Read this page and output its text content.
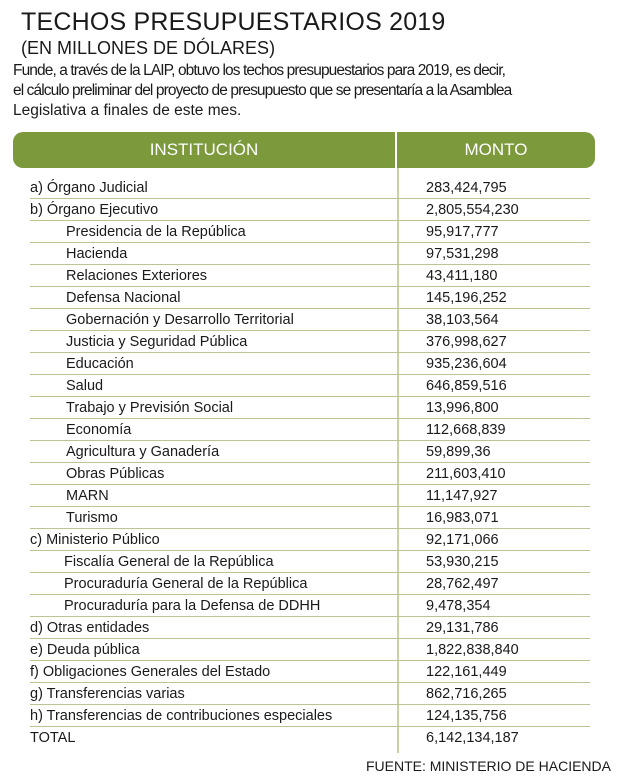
TECHOS PRESUPUESTARIOS 2019
(EN MILLONES DE DÓLARES)
Funde, a través de la LAIP, obtuvo los techos presupuestarios para 2019, es decir,
el cálculo preliminar del proyecto de presupuesto que se presentaría a la Asamblea
Legislativa a finales de este mes.
INSTITUCIÓN	MONTO
a) Órgano Judicial	283,424,795
b) Órgano Ejecutivo	2,805,554,230
Presidencia de la República	95,917,777
Hacienda	97,531,298
Relaciones Exteriores	43,411,180
Defensa Nacional	145,196,252
Gobernación y Desarrollo Territorial	38,103,564
Justicia y Seguridad Pública	376,998,627
Educación	935,236,604
Salud	646,859,516
Trabajo y Previsión Social	13,996,800
Economía	112,668,839
Agricultura y Ganadería	59,899,36
Obras Públicas	211,603,410
MARN	11,147,927
Turismo	16,983,071
c) Ministerio Público	92,171,066
Fiscalía General de la República	53,930,215
Procuraduría General de la República	28,762,497
Procuraduría para la Defensa de DDHH	9,478,354
d) Otras entidades	29,131,786
e) Deuda pública	1,822,838,840
f) Obligaciones Generales del Estado	122,161,449
g) Transferencias varias	862,716,265
h) Transferencias de contribuciones especiales	124,135,756
TOTAL	6,142,134,187
FUENTE: MINISTERIO DE HACIENDA
